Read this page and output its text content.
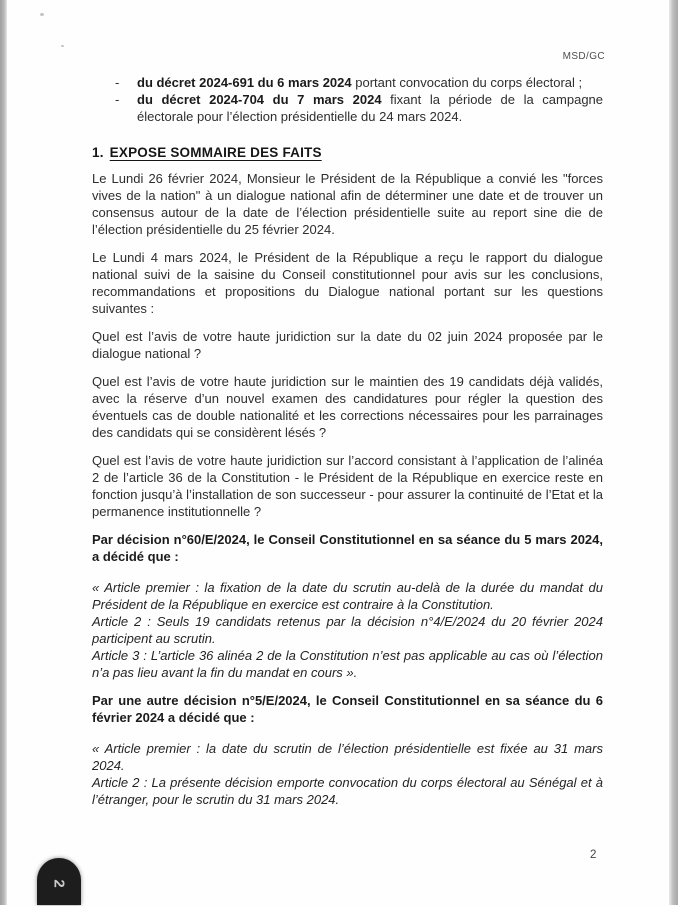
MSD/GC
- du décret 2024-691 du 6 mars 2024 portant convocation du corps électoral ;
- du décret 2024-704 du 7 mars 2024 fixant la période de la campagne électorale pour l’élection présidentielle du 24 mars 2024.
1. EXPOSE SOMMAIRE DES FAITS

Le Lundi 26 février 2024, Monsieur le Président de la République a convié les "forces vives de la nation" à un dialogue national afin de déterminer une date et de trouver un consensus autour de la date de l’élection présidentielle suite au report sine die de l’élection présidentielle du 25 février 2024.

Le Lundi 4 mars 2024, le Président de la République a reçu le rapport du dialogue national suivi de la saisine du Conseil constitutionnel pour avis sur les conclusions, recommandations et propositions du Dialogue national portant sur les questions suivantes :

Quel est l’avis de votre haute juridiction sur la date du 02 juin 2024 proposée par le dialogue national ?

Quel est l’avis de votre haute juridiction sur le maintien des 19 candidats déjà validés, avec la réserve d’un nouvel examen des candidatures pour régler la question des éventuels cas de double nationalité et les corrections nécessaires pour les parrainages des candidats qui se considèrent lésés ?

Quel est l’avis de votre haute juridiction sur l’accord consistant à l’application de l’alinéa 2 de l’article 36 de la Constitution - le Président de la République en exercice reste en fonction jusqu’à l’installation de son successeur - pour assurer la continuité de l’Etat et la permanence institutionnelle ?

Par décision n°60/E/2024, le Conseil Constitutionnel en sa séance du 5 mars 2024, a décidé que :

« Article premier : la fixation de la date du scrutin au-delà de la durée du mandat du Président de la République en exercice est contraire à la Constitution.
Article 2 : Seuls 19 candidats retenus par la décision n°4/E/2024 du 20 février 2024 participent au scrutin.
Article 3 : L’article 36 alinéa 2 de la Constitution n’est pas applicable au cas où l’élection n’a pas lieu avant la fin du mandat en cours ».

Par une autre décision n°5/E/2024, le Conseil Constitutionnel en sa séance du 6 février 2024 a décidé que :

« Article premier : la date du scrutin de l’élection présidentielle est fixée au 31 mars 2024.
Article 2 : La présente décision emporte convocation du corps électoral au Sénégal et à l’étranger, pour le scrutin du 31 mars 2024.
2
2
